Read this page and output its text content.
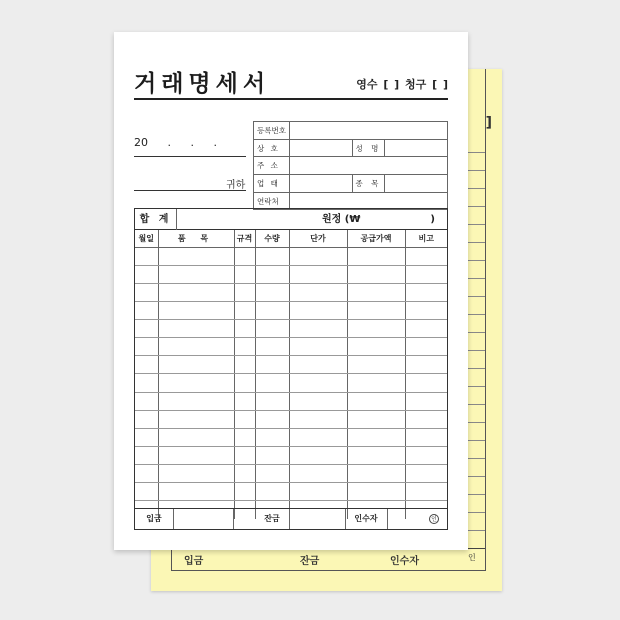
입금	잔금	인수자	인
]
거래명세서	영수 [ ] 청구 [ ]
20 . . .
귀하
등록번호			
상 호		성 명	
주 소			
업 태		종 목	
연락처			
합 계	원정 (₩	)
월일	품 목	규격	수량	단가	공급가액	비고

입금	잔금	인수자	인
